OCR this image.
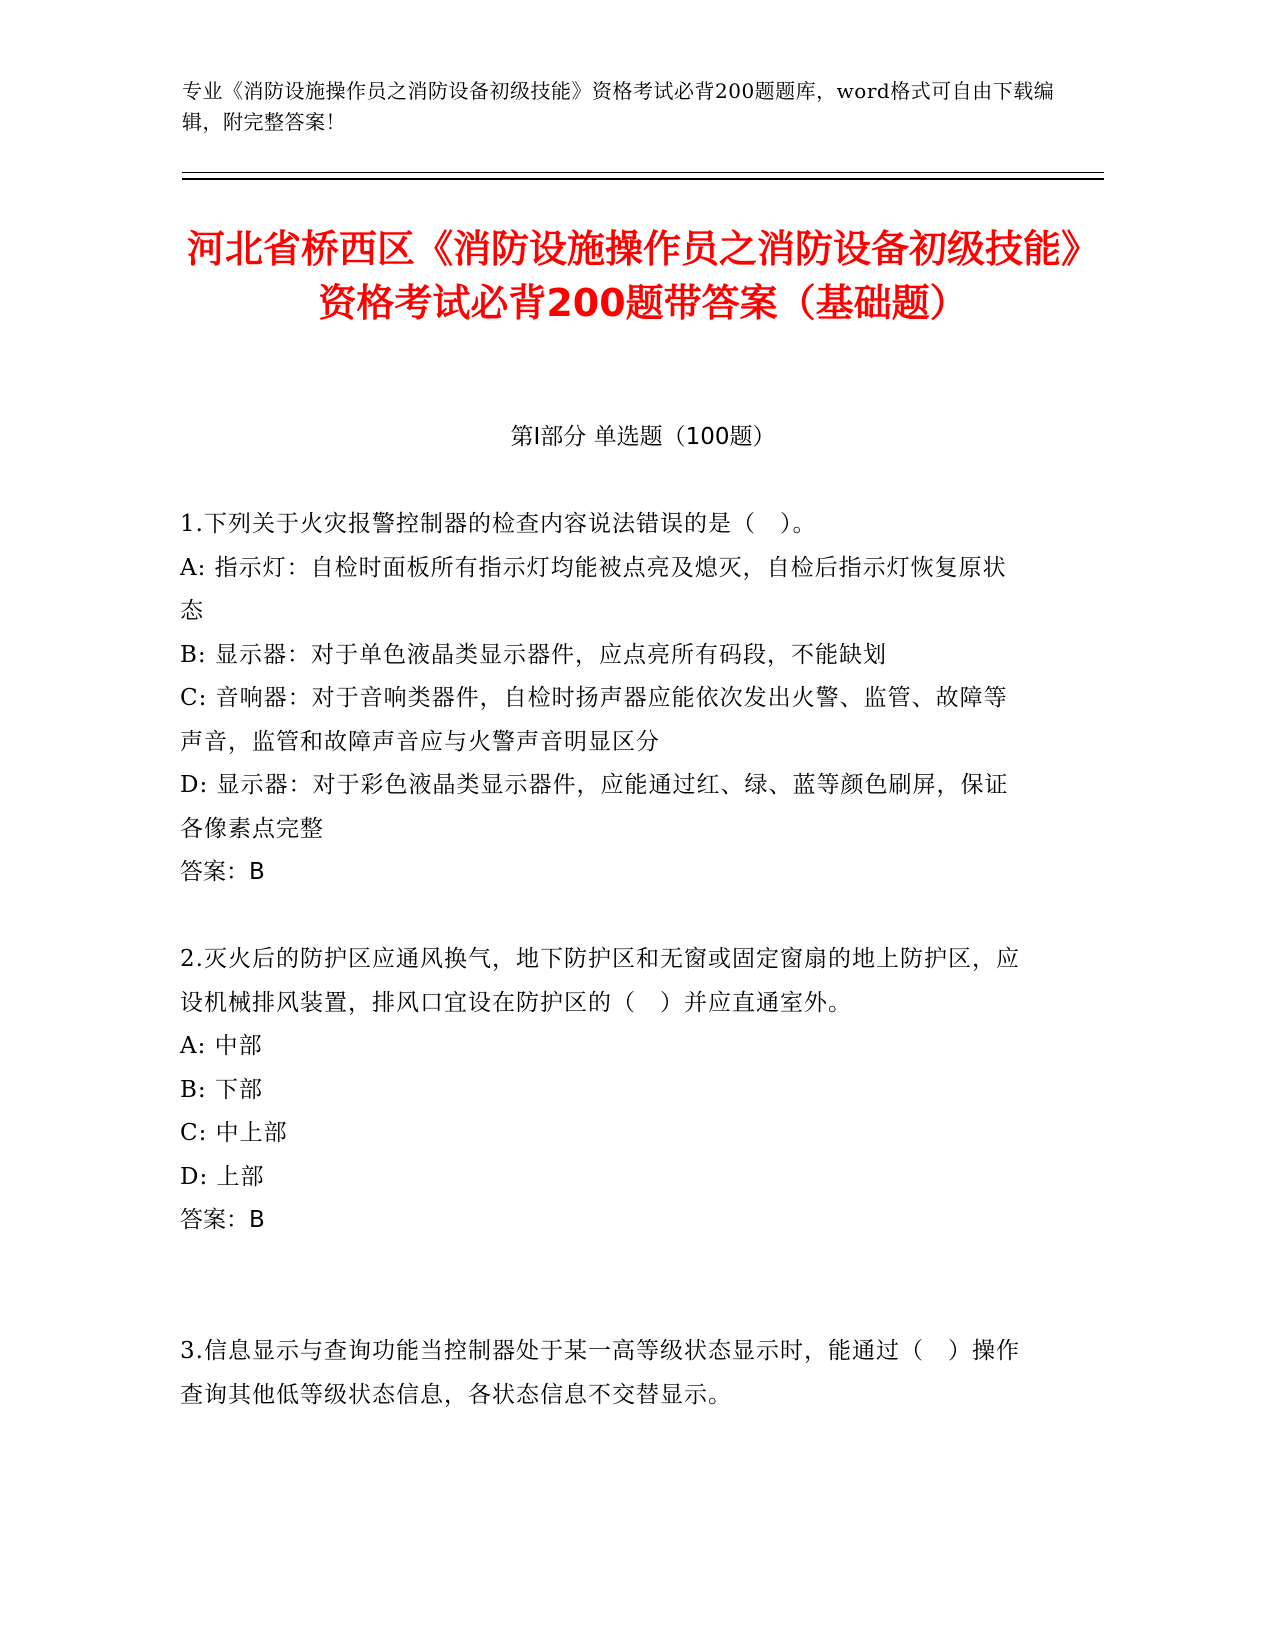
专业《消防设施操作员之消防设备初级技能》资格考试必背200题题库，word格式可自由下载编辑，附完整答案！
河北省桥西区《消防设施操作员之消防设备初级技能》资格考试必背200题带答案（基础题）
第Ⅰ部分 单选题（100题）
1.下列关于火灾报警控制器的检查内容说法错误的是（　）。
A: 指示灯：自检时面板所有指示灯均能被点亮及熄灭，自检后指示灯恢复原状态
B: 显示器：对于单色液晶类显示器件，应点亮所有码段，不能缺划
C: 音响器：对于音响类器件，自检时扬声器应能依次发出火警、监管、故障等声音，监管和故障声音应与火警声音明显区分
D: 显示器：对于彩色液晶类显示器件，应能通过红、绿、蓝等颜色刷屏，保证各像素点完整
答案：B
2.灭火后的防护区应通风换气，地下防护区和无窗或固定窗扇的地上防护区，应设机械排风装置，排风口宜设在防护区的（　）并应直通室外。
A: 中部
B: 下部
C: 中上部
D: 上部
答案：B
3.信息显示与查询功能当控制器处于某一高等级状态显示时，能通过（　）操作查询其他低等级状态信息，各状态信息不交替显示。
